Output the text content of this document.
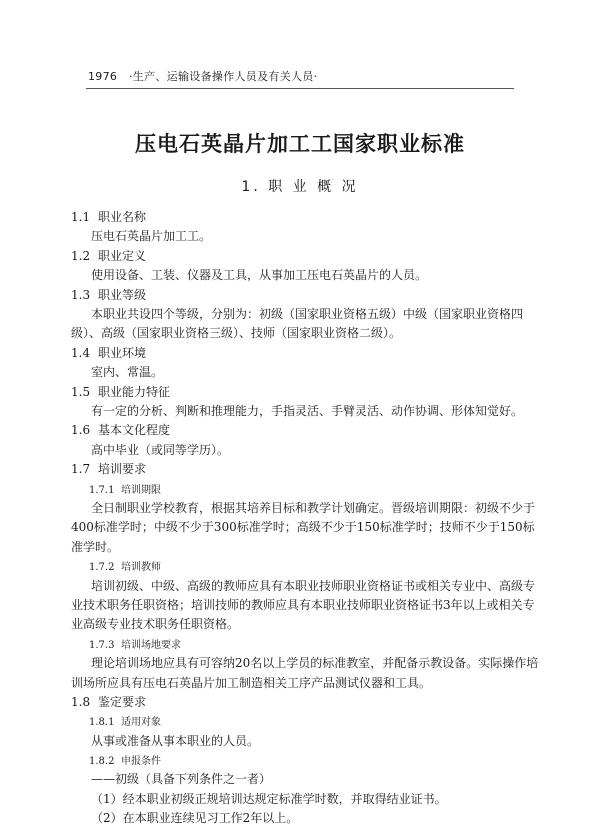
1976 ·生产、运输设备操作人员及有关人员·
压电石英晶片加工工国家职业标准
1. 职 业 概 况
1.1 职业名称
压电石英晶片加工工。
1.2 职业定义
使用设备、工装、仪器及工具，从事加工压电石英晶片的人员。
1.3 职业等级
本职业共设四个等级，分别为：初级（国家职业资格五级）中级（国家职业资格四级）、高级（国家职业资格三级）、技师（国家职业资格二级）。
1.4 职业环境
室内、常温。
1.5 职业能力特征
有一定的分析、判断和推理能力，手指灵活、手臂灵活、动作协调、形体知觉好。
1.6 基本文化程度
高中毕业（或同等学历）。
1.7 培训要求
1.7.1 培训期限
全日制职业学校教育，根据其培养目标和教学计划确定。晋级培训期限：初级不少于400标准学时；中级不少于300标准学时；高级不少于150标准学时；技师不少于150标准学时。
1.7.2 培训教师
培训初级、中级、高级的教师应具有本职业技师职业资格证书或相关专业中、高级专业技术职务任职资格；培训技师的教师应具有本职业技师职业资格证书3年以上或相关专业高级专业技术职务任职资格。
1.7.3 培训场地要求
理论培训场地应具有可容纳20名以上学员的标准教室，并配备示教设备。实际操作培训场所应具有压电石英晶片加工制造相关工序产品测试仪器和工具。
1.8 鉴定要求
1.8.1 适用对象
从事或准备从事本职业的人员。
1.8.2 申报条件
——初级（具备下列条件之一者）
（1）经本职业初级正规培训达规定标准学时数，并取得结业证书。
（2）在本职业连续见习工作2年以上。
